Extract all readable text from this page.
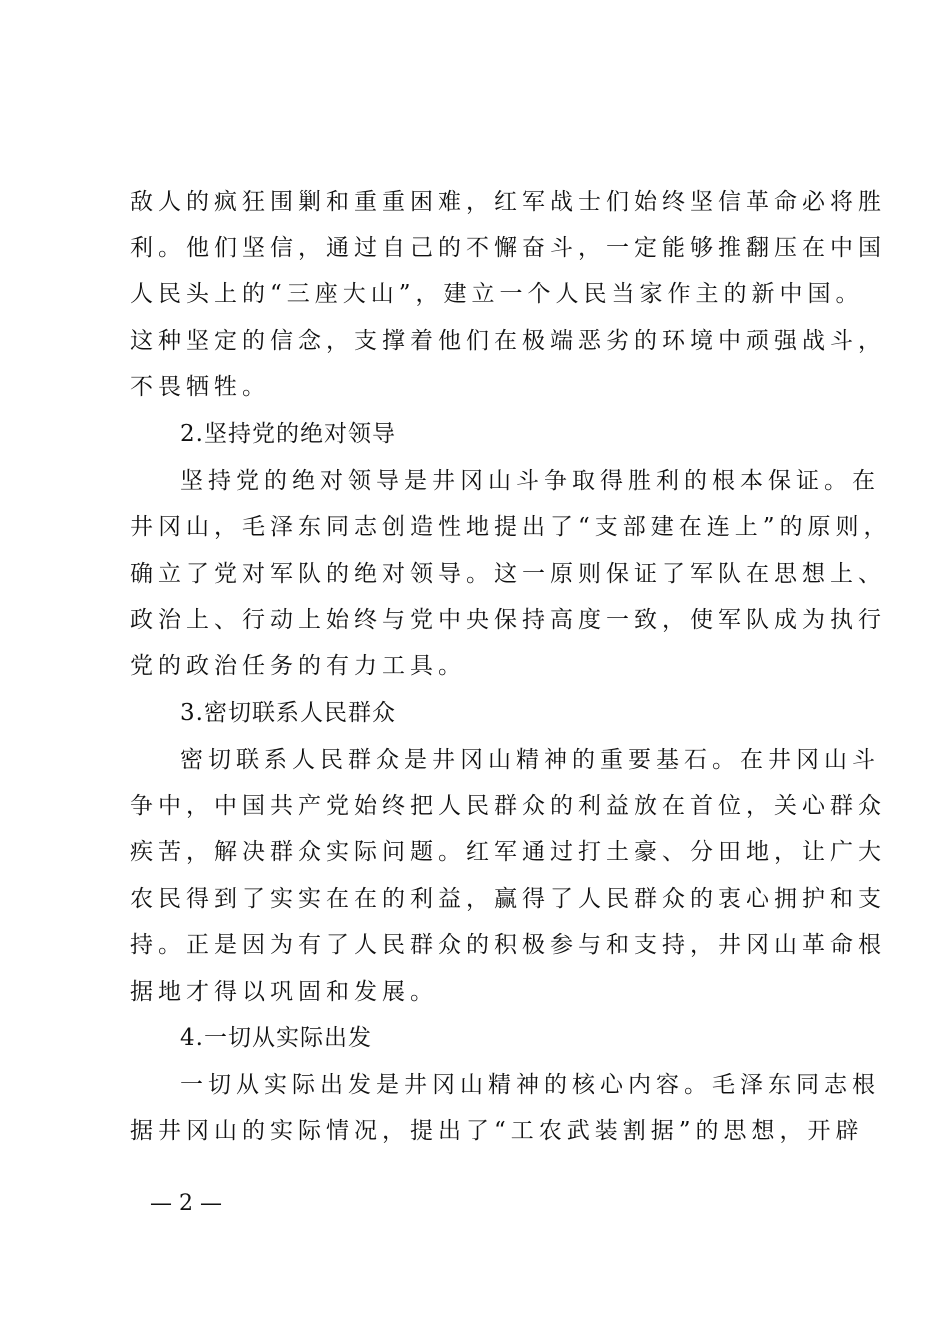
敌人的疯狂围剿和重重困难，红军战士们始终坚信革命必将胜
利。他们坚信，通过自己的不懈奋斗，一定能够推翻压在中国
人民头上的“三座大山”，建立一个人民当家作主的新中国。
这种坚定的信念，支撑着他们在极端恶劣的环境中顽强战斗，
不畏牺牲。
2.坚持党的绝对领导
坚持党的绝对领导是井冈山斗争取得胜利的根本保证。在
井冈山，毛泽东同志创造性地提出了“支部建在连上”的原则，
确立了党对军队的绝对领导。这一原则保证了军队在思想上、
政治上、行动上始终与党中央保持高度一致，使军队成为执行
党的政治任务的有力工具。
3.密切联系人民群众
密切联系人民群众是井冈山精神的重要基石。在井冈山斗
争中，中国共产党始终把人民群众的利益放在首位，关心群众
疾苦，解决群众实际问题。红军通过打土豪、分田地，让广大
农民得到了实实在在的利益，赢得了人民群众的衷心拥护和支
持。正是因为有了人民群众的积极参与和支持，井冈山革命根
据地才得以巩固和发展。
4.一切从实际出发
一切从实际出发是井冈山精神的核心内容。毛泽东同志根
据井冈山的实际情况，提出了“工农武装割据”的思想，开辟
— 2 —
